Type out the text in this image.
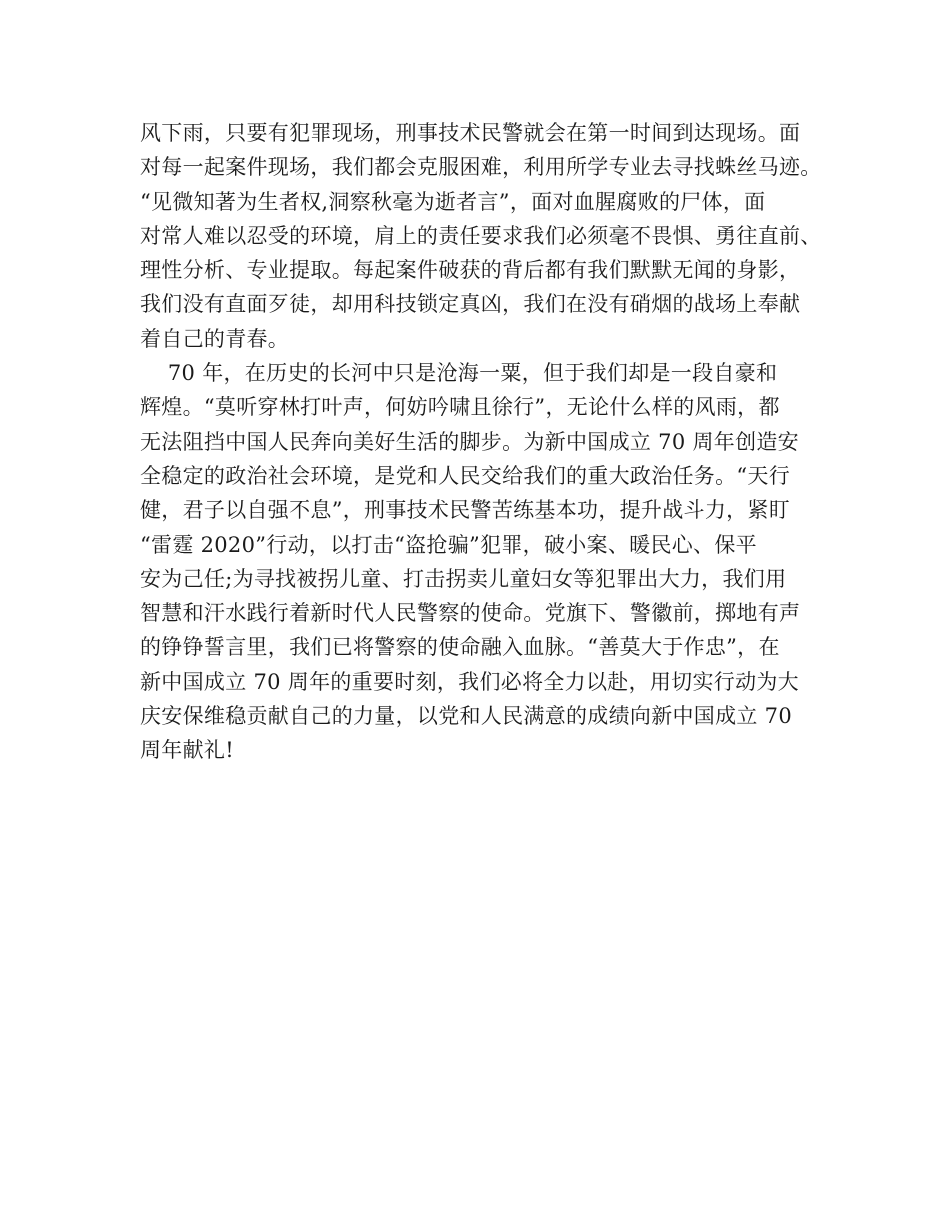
风下雨，只要有犯罪现场，刑事技术民警就会在第一时间到达现场。面
对每一起案件现场，我们都会克服困难，利用所学专业去寻找蛛丝马迹。
“见微知著为生者权,洞察秋毫为逝者言”，面对血腥腐败的尸体，面
对常人难以忍受的环境，肩上的责任要求我们必须毫不畏惧、勇往直前、
理性分析、专业提取。每起案件破获的背后都有我们默默无闻的身影，
我们没有直面歹徒，却用科技锁定真凶，我们在没有硝烟的战场上奉献
着自己的青春。
70 年，在历史的长河中只是沧海一粟，但于我们却是一段自豪和
辉煌。“莫听穿林打叶声，何妨吟啸且徐行”，无论什么样的风雨，都
无法阻挡中国人民奔向美好生活的脚步。为新中国成立 70 周年创造安
全稳定的政治社会环境，是党和人民交给我们的重大政治任务。“天行
健，君子以自强不息”，刑事技术民警苦练基本功，提升战斗力，紧盯
“雷霆 2020”行动，以打击“盗抢骗”犯罪，破小案、暖民心、保平
安为己任;为寻找被拐儿童、打击拐卖儿童妇女等犯罪出大力，我们用
智慧和汗水践行着新时代人民警察的使命。党旗下、警徽前，掷地有声
的铮铮誓言里，我们已将警察的使命融入血脉。“善莫大于作忠”，在
新中国成立 70 周年的重要时刻，我们必将全力以赴，用切实行动为大
庆安保维稳贡献自己的力量，以党和人民满意的成绩向新中国成立 70
周年献礼!
